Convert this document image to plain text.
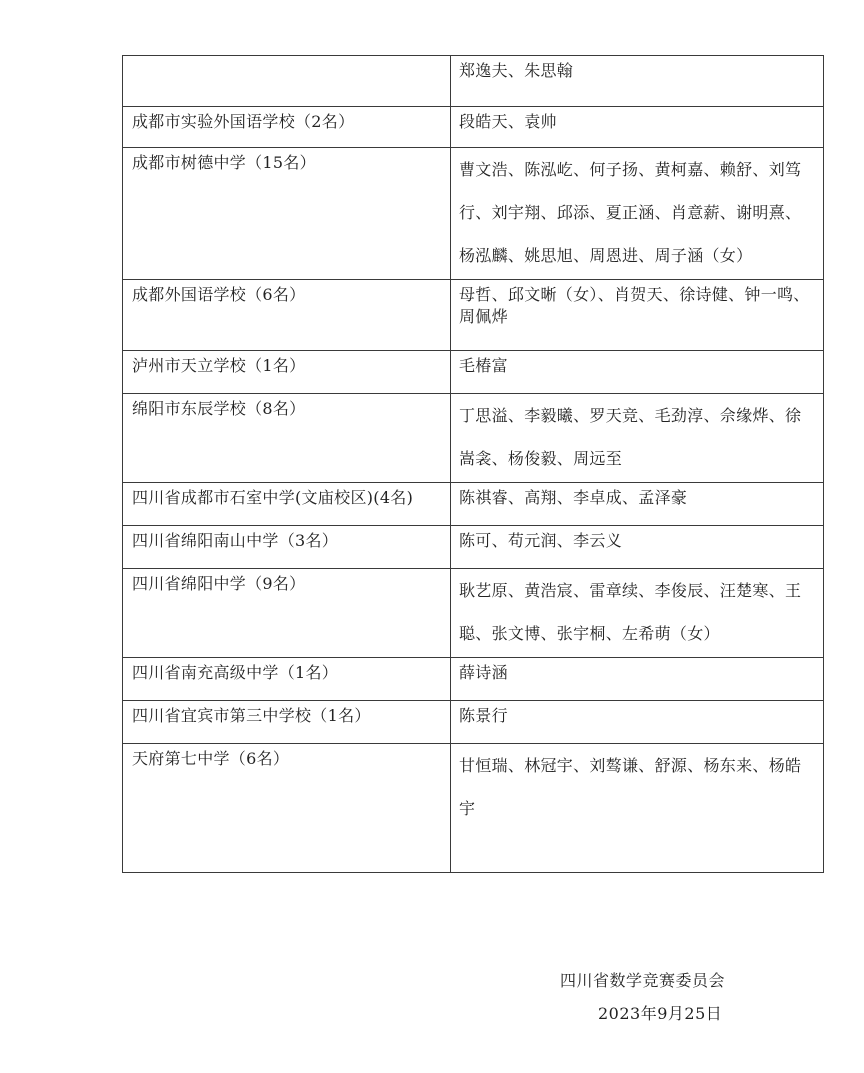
	郑逸夫、朱思翰
成都市实验外国语学校（2名）	段皓天、袁帅
成都市树德中学（15名）	曹文浩、陈泓屹、何子扬、黄柯嘉、赖舒、刘笃行、刘宇翔、邱添、夏正涵、肖意薪、谢明熹、杨泓麟、姚思旭、周恩进、周子涵（女）
成都外国语学校（6名）	母哲、邱文晰（女）、肖贺天、徐诗健、钟一鸣、周佩烨
泸州市天立学校（1名）	毛椿富
绵阳市东辰学校（8名）	丁思溢、李毅曦、罗天竞、毛劲淳、佘缘烨、徐嵩衾、杨俊毅、周远至
四川省成都市石室中学(文庙校区)(4名)	陈祺睿、高翔、李卓成、孟泽豪
四川省绵阳南山中学（3名）	陈可、苟元润、李云义
四川省绵阳中学（9名）	耿艺原、黄浩宸、雷章续、李俊辰、汪楚寒、王聪、张文博、张宇桐、左希萌（女）
四川省南充高级中学（1名）	薛诗涵
四川省宜宾市第三中学校（1名）	陈景行
天府第七中学（6名）	甘恒瑞、林冠宇、刘骜谦、舒源、杨东来、杨皓宇
四川省数学竞赛委员会
2023年9月25日
